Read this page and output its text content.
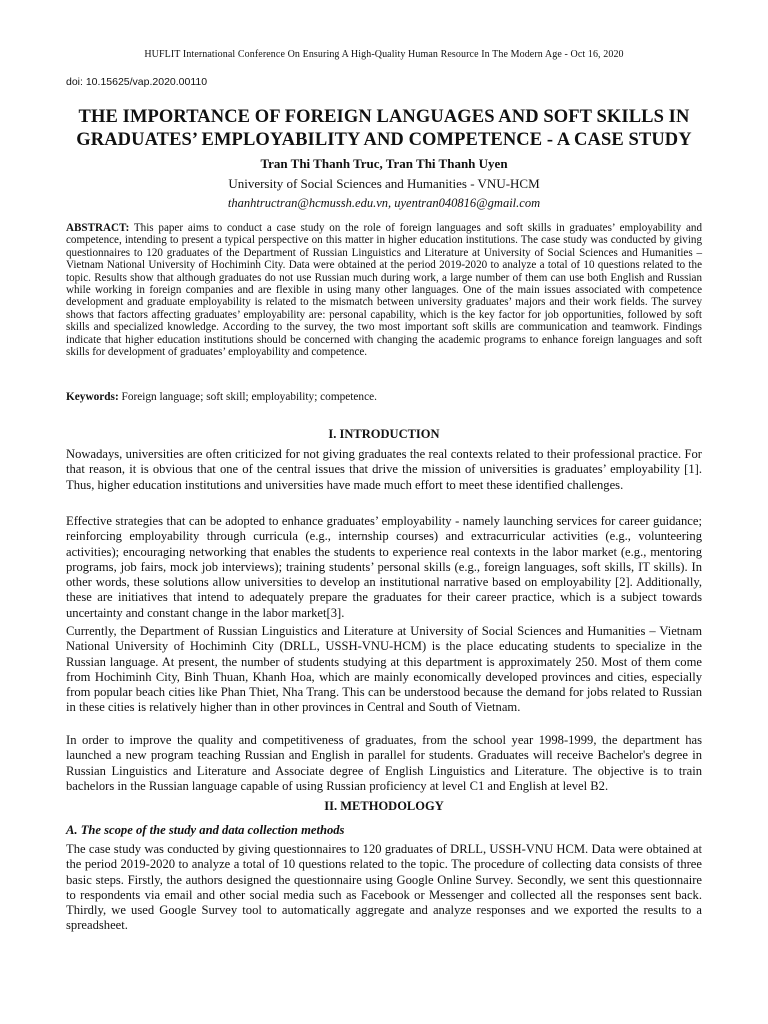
HUFLIT International Conference On Ensuring A High-Quality Human Resource In The Modern Age - Oct 16, 2020
doi: 10.15625/vap.2020.00110
THE IMPORTANCE OF FOREIGN LANGUAGES AND SOFT SKILLS IN
GRADUATES’ EMPLOYABILITY AND COMPETENCE - A CASE STUDY
Tran Thi Thanh Truc, Tran Thi Thanh Uyen
University of Social Sciences and Humanities - VNU-HCM
thanhtructran@hcmussh.edu.vn, uyentran040816@gmail.com
ABSTRACT: This paper aims to conduct a case study on the role of foreign languages and soft skills in graduates’ employability and competence, intending to present a typical perspective on this matter in higher education institutions. The case study was conducted by giving questionnaires to 120 graduates of the Department of Russian Linguistics and Literature at University of Social Sciences and Humanities – Vietnam National University of Hochiminh City. Data were obtained at the period 2019-2020 to analyze a total of 10 questions related to the topic. Results show that although graduates do not use Russian much during work, a large number of them can use both English and Russian while working in foreign companies and are flexible in using many other languages. One of the main issues associated with competence development and graduate employability is related to the mismatch between university graduates’ majors and their work fields. The survey shows that factors affecting graduates’ employability are: personal capability, which is the key factor for job opportunities, followed by soft skills and specialized knowledge. According to the survey, the two most important soft skills are communication and teamwork. Findings indicate that higher education institutions should be concerned with changing the academic programs to enhance foreign languages and soft skills for development of graduates’ employability and competence.
Keywords: Foreign language; soft skill; employability; competence.
I. INTRODUCTION
Nowadays, universities are often criticized for not giving graduates the real contexts related to their professional practice. For that reason, it is obvious that one of the central issues that drive the mission of universities is graduates’ employability [1]. Thus, higher education institutions and universities have made much effort to meet these identified challenges.
Effective strategies that can be adopted to enhance graduates’ employability - namely launching services for career guidance; reinforcing employability through curricula (e.g., internship courses) and extracurricular activities (e.g., volunteering activities); encouraging networking that enables the students to experience real contexts in the labor market (e.g., mentoring programs, job fairs, mock job interviews); training students’ personal skills (e.g., foreign languages, soft skills, IT skills). In other words, these solutions allow universities to develop an institutional narrative based on employability [2]. Additionally, these are initiatives that intend to adequately prepare the graduates for their career practice, which is a subject towards uncertainty and constant change in the labor market[3].
Currently, the Department of Russian Linguistics and Literature at University of Social Sciences and Humanities – Vietnam National University of Hochiminh City (DRLL, USSH-VNU-HCM) is the place educating students to specialize in the Russian language. At present, the number of students studying at this department is approximately 250. Most of them come from Hochiminh City, Binh Thuan, Khanh Hoa, which are mainly economically developed provinces and cities, especially from popular beach cities like Phan Thiet, Nha Trang. This can be understood because the demand for jobs related to Russian in these cities is relatively higher than in other provinces in Central and South of Vietnam.
In order to improve the quality and competitiveness of graduates, from the school year 1998-1999, the department has launched a new program teaching Russian and English in parallel for students. Graduates will receive Bachelor's degree in Russian Linguistics and Literature and Associate degree of English Linguistics and Literature. The objective is to train bachelors in the Russian language capable of using Russian proficiency at level C1 and English at level B2.
II. METHODOLOGY
A. The scope of the study and data collection methods
The case study was conducted by giving questionnaires to 120 graduates of DRLL, USSH-VNU HCM. Data were obtained at the period 2019-2020 to analyze a total of 10 questions related to the topic. The procedure of collecting data consists of three basic steps. Firstly, the authors designed the questionnaire using Google Online Survey. Secondly, we sent this questionnaire to respondents via email and other social media such as Facebook or Messenger and collected all the responses sent back. Thirdly, we used Google Survey tool to automatically aggregate and analyze responses and we exported the results to a spreadsheet.
